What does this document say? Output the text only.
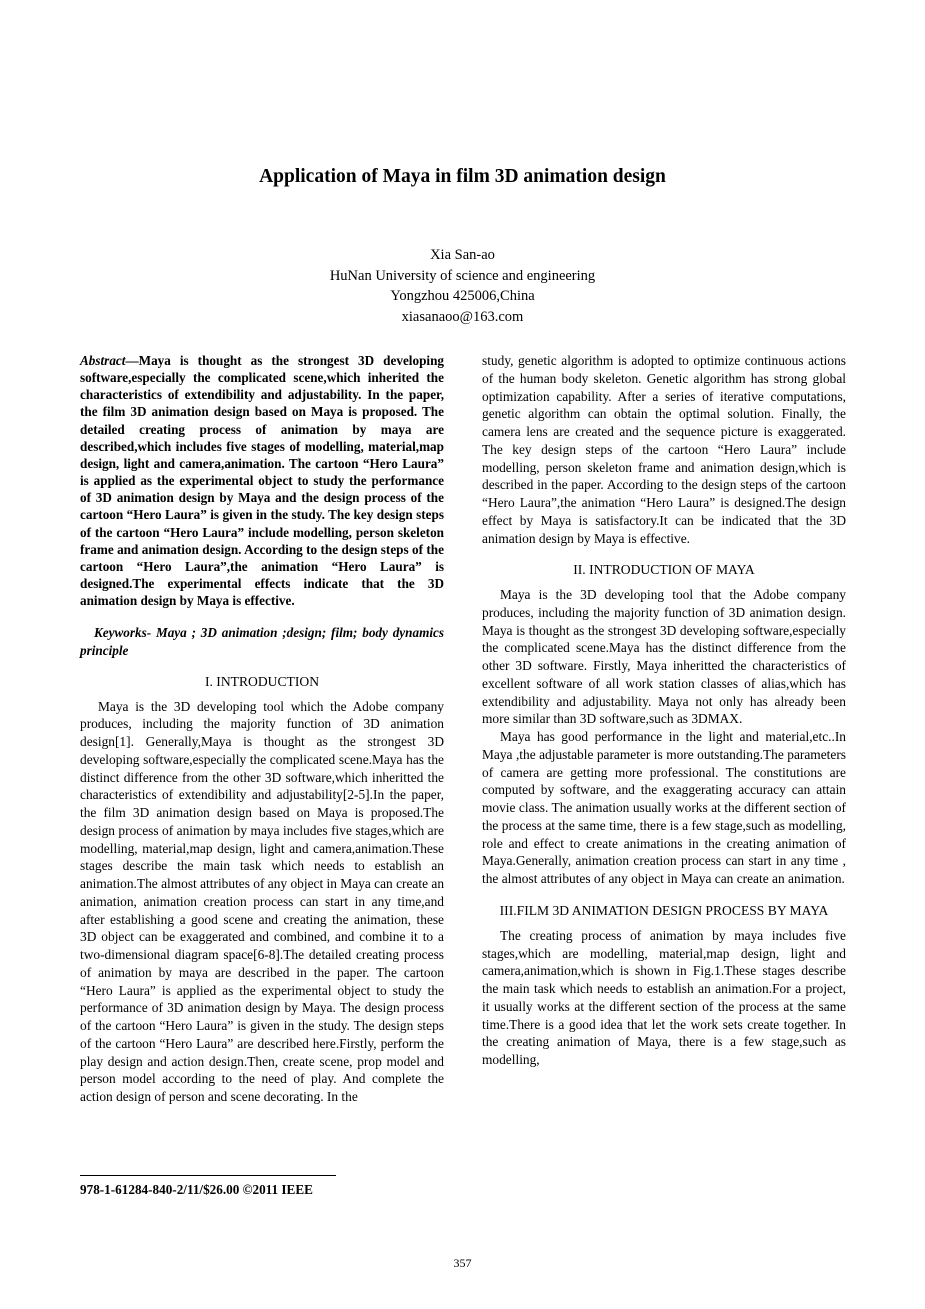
Application of Maya in film 3D animation design
Xia San-ao
HuNan University of science and engineering
Yongzhou 425006,China
xiasanaoo@163.com

Abstract—Maya is thought as the strongest 3D developing software,especially the complicated scene,which inherited the characteristics of extendibility and adjustability. In the paper, the film 3D animation design based on Maya is proposed. The detailed creating process of animation by maya are described,which includes five stages of modelling, material,map design, light and camera,animation. The cartoon “Hero Laura” is applied as the experimental object to study the performance of 3D animation design by Maya and the design process of the cartoon “Hero Laura” is given in the study. The key design steps of the cartoon “Hero Laura” include modelling, person skeleton frame and animation design. According to the design steps of the cartoon “Hero Laura”,the animation “Hero Laura” is designed.The experimental effects indicate that the 3D animation design by Maya is effective.

Keyworks- Maya ; 3D animation ;design; film; body dynamics principle

I. INTRODUCTION

Maya is the 3D developing tool which the Adobe company produces, including the majority function of 3D animation design[1]. Generally,Maya is thought as the strongest 3D developing software,especially the complicated scene.Maya has the distinct difference from the other 3D software,which inheritted the characteristics of extendibility and adjustability[2-5].In the paper, the film 3D animation design based on Maya is proposed.The design process of animation by maya includes five stages,which are modelling, material,map design, light and camera,animation.These stages describe the main task which needs to establish an animation.The almost attributes of any object in Maya can create an animation, animation creation process can start in any time,and after establishing a good scene and creating the animation, these 3D object can be exaggerated and combined, and combine it to a two-dimensional diagram space[6-8].The detailed creating process of animation by maya are described in the paper. The cartoon “Hero Laura” is applied as the experimental object to study the performance of 3D animation design by Maya. The design process of the cartoon “Hero Laura” is given in the study. The design steps of the cartoon “Hero Laura” are described here.Firstly, perform the play design and action design.Then, create scene, prop model and person model according to the need of play. And complete the action design of person and scene decorating. In the

study, genetic algorithm is adopted to optimize continuous actions of the human body skeleton. Genetic algorithm has strong global optimization capability. After a series of iterative computations, genetic algorithm can obtain the optimal solution. Finally, the camera lens are created and the sequence picture is exaggerated. The key design steps of the cartoon “Hero Laura” include modelling, person skeleton frame and animation design,which is described in the paper. According to the design steps of the cartoon “Hero Laura”,the animation “Hero Laura” is designed.The design effect by Maya is satisfactory.It can be indicated that the 3D animation design by Maya is effective.

II. INTRODUCTION OF MAYA

Maya is the 3D developing tool that the Adobe company produces, including the majority function of 3D animation design. Maya is thought as the strongest 3D developing software,especially the complicated scene.Maya has the distinct difference from the other 3D software. Firstly, Maya inheritted the characteristics of excellent software of all work station classes of alias,which has extendibility and adjustability. Maya not only has already been more similar than 3D software,such as 3DMAX.

Maya has good performance in the light and material,etc..In Maya ,the adjustable parameter is more outstanding.The parameters of camera are getting more professional. The constitutions are computed by software, and the exaggerating accuracy can attain movie class. The animation usually works at the different section of the process at the same time, there is a few stage,such as modelling, role and effect to create animations in the creating animation of Maya.Generally, animation creation process can start in any time , the almost attributes of any object in Maya can create an animation.

III.FILM 3D ANIMATION DESIGN PROCESS BY MAYA

The creating process of animation by maya includes five stages,which are modelling, material,map design, light and camera,animation,which is shown in Fig.1.These stages describe the main task which needs to establish an animation.For a project, it usually works at the different section of the process at the same time.There is a good idea that let the work sets create together. In the creating animation of Maya, there is a few stage,such as modelling,

978-1-61284-840-2/11/$26.00 ©2011 IEEE
357
